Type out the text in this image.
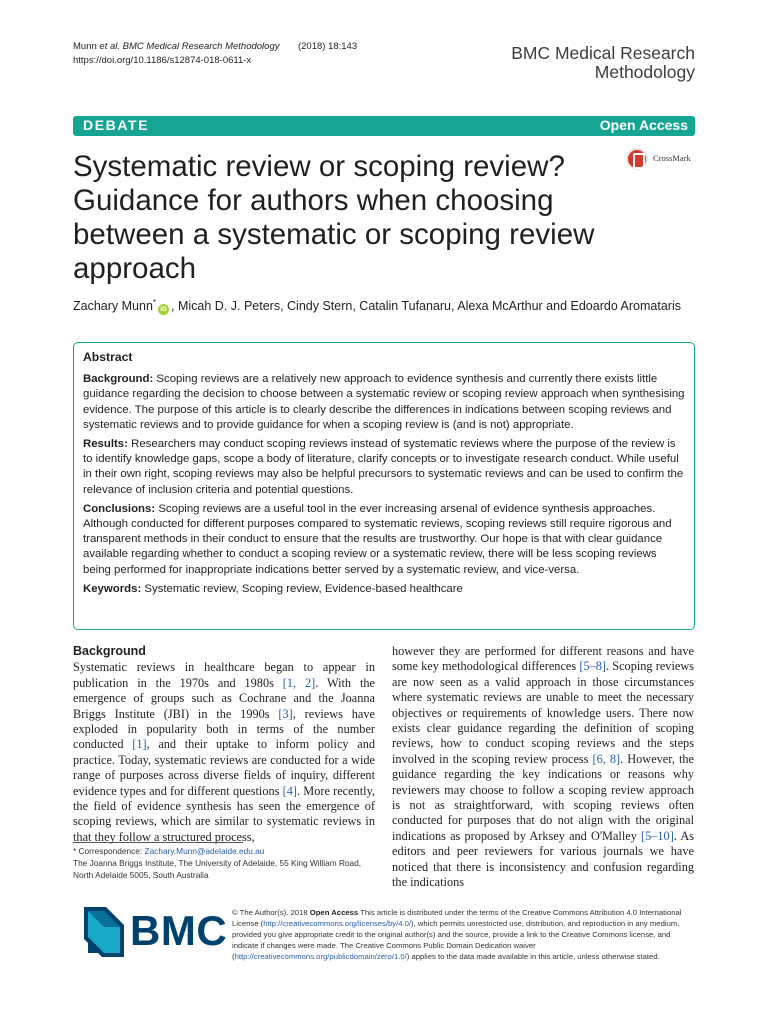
Munn et al. BMC Medical Research Methodology (2018) 18:143
https://doi.org/10.1186/s12874-018-0611-x	BMC Medical Research
Methodology
DEBATE	Open Access
CrossMark
Systematic review or scoping review? Guidance for authors when choosing between a systematic or scoping review approach
Zachary Munn*iD , Micah D. J. Peters, Cindy Stern, Catalin Tufanaru, Alexa McArthur and Edoardo Aromataris
Abstract

Background: Scoping reviews are a relatively new approach to evidence synthesis and currently there exists little guidance regarding the decision to choose between a systematic review or scoping review approach when synthesising evidence. The purpose of this article is to clearly describe the differences in indications between scoping reviews and systematic reviews and to provide guidance for when a scoping review is (and is not) appropriate.

Results: Researchers may conduct scoping reviews instead of systematic reviews where the purpose of the review is to identify knowledge gaps, scope a body of literature, clarify concepts or to investigate research conduct. While useful in their own right, scoping reviews may also be helpful precursors to systematic reviews and can be used to confirm the relevance of inclusion criteria and potential questions.

Conclusions: Scoping reviews are a useful tool in the ever increasing arsenal of evidence synthesis approaches. Although conducted for different purposes compared to systematic reviews, scoping reviews still require rigorous and transparent methods in their conduct to ensure that the results are trustworthy. Our hope is that with clear guidance available regarding whether to conduct a scoping review or a systematic review, there will be less scoping reviews being performed for inappropriate indications better served by a systematic review, and vice-versa.

Keywords: Systematic review, Scoping review, Evidence-based healthcare

Background
Systematic reviews in healthcare began to appear in publication in the 1970s and 1980s [1, 2]. With the emergence of groups such as Cochrane and the Joanna Briggs Institute (JBI) in the 1990s [3], reviews have exploded in popularity both in terms of the number conducted [1], and their uptake to inform policy and practice. Today, systematic reviews are conducted for a wide range of purposes across diverse fields of inquiry, different evidence types and for different questions [4]. More recently, the field of evidence synthesis has seen the emergence of scoping reviews, which are similar to systematic reviews in that they follow a structured process,
however they are performed for different reasons and have some key methodological differences [5–8]. Scoping reviews are now seen as a valid approach in those circumstances where systematic reviews are unable to meet the necessary objectives or requirements of knowledge users. There now exists clear guidance regarding the definition of scoping reviews, how to conduct scoping reviews and the steps involved in the scoping review process [6, 8]. However, the guidance regarding the key indications or reasons why reviewers may choose to follow a scoping review approach is not as straightforward, with scoping reviews often conducted for purposes that do not align with the original indications as proposed by Arksey and O'Malley [5–10]. As editors and peer reviewers for various journals we have noticed that there is inconsistency and confusion regarding the indications
* Correspondence: Zachary.Munn@adelaide.edu.au
The Joanna Briggs Institute, The University of Adelaide, 55 King William Road, North Adelaide 5005, South Australia
BMC © The Author(s). 2018 Open Access This article is distributed under the terms of the Creative Commons Attribution 4.0 International License (http://creativecommons.org/licenses/by/4.0/), which permits unrestricted use, distribution, and reproduction in any medium, provided you give appropriate credit to the original author(s) and the source, provide a link to the Creative Commons license, and indicate if changes were made. The Creative Commons Public Domain Dedication waiver (http://creativecommons.org/publicdomain/zero/1.0/) applies to the data made available in this article, unless otherwise stated.
